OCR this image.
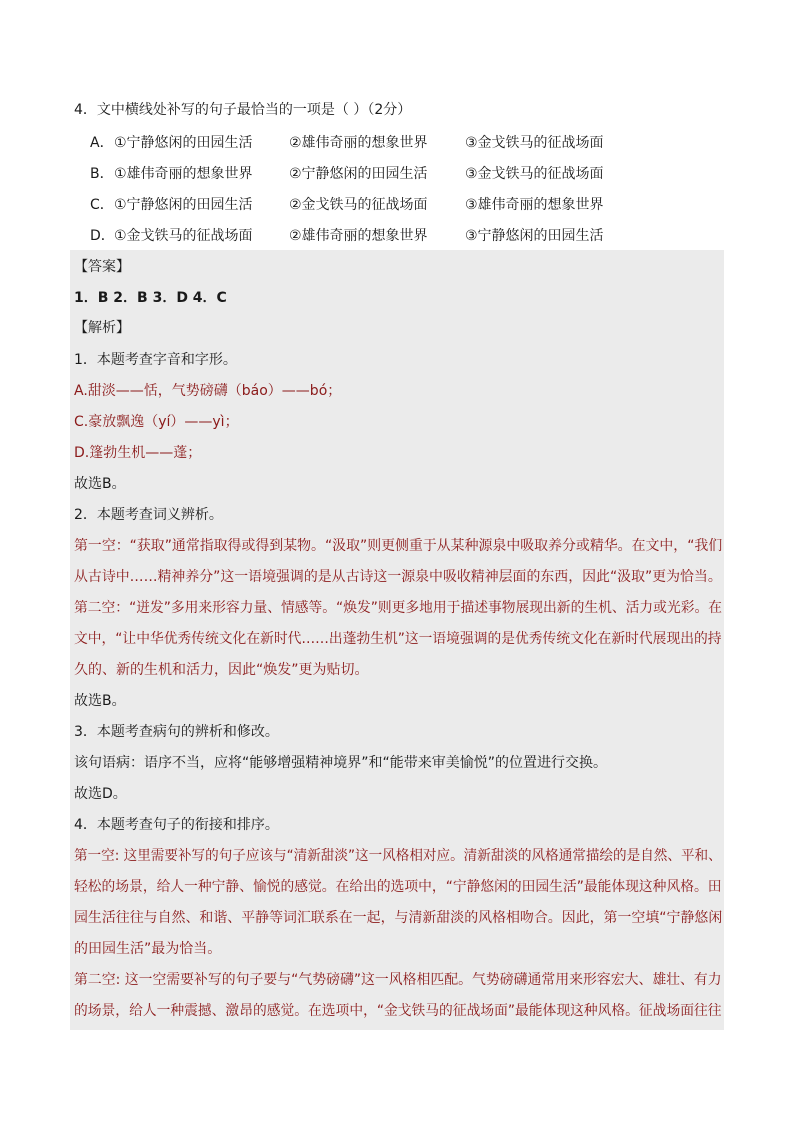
4．文中横线处补写的句子最恰当的一项是（ ）（2分）
A． ①宁静悠闲的田园生活	②雄伟奇丽的想象世界	③金戈铁马的征战场面
B． ①雄伟奇丽的想象世界	②宁静悠闲的田园生活	③金戈铁马的征战场面
C． ①宁静悠闲的田园生活	②金戈铁马的征战场面	③雄伟奇丽的想象世界
D． ①金戈铁马的征战场面	②雄伟奇丽的想象世界	③宁静悠闲的田园生活
【答案】
1．B 2．B 3．D 4．C
【解析】
1．本题考查字音和字形。
A.甜淡——恬，气势磅礴（báo）——bó；
C.豪放飘逸（yí）——yì；
D.篷勃生机——蓬；
故选B。
2．本题考查词义辨析。
第一空：“获取”通常指取得或得到某物。“汲取”则更侧重于从某种源泉中吸取养分或精华。在文中，“我们
从古诗中……精神养分”这一语境强调的是从古诗这一源泉中吸收精神层面的东西，因此“汲取”更为恰当。
第二空：“迸发”多用来形容力量、情感等。“焕发”则更多地用于描述事物展现出新的生机、活力或光彩。在
文中，“让中华优秀传统文化在新时代……出蓬勃生机”这一语境强调的是优秀传统文化在新时代展现出的持
久的、新的生机和活力，因此“焕发”更为贴切。
故选B。
3．本题考查病句的辨析和修改。
该句语病：语序不当，应将“能够增强精神境界”和“能带来审美愉悦”的位置进行交换。
故选D。
4．本题考查句子的衔接和排序。
第一空: 这里需要补写的句子应该与“清新甜淡”这一风格相对应。清新甜淡的风格通常描绘的是自然、平和、
轻松的场景，给人一种宁静、愉悦的感觉。在给出的选项中，“宁静悠闲的田园生活”最能体现这种风格。田
园生活往往与自然、和谐、平静等词汇联系在一起，与清新甜淡的风格相吻合。因此，第一空填“宁静悠闲
的田园生活”最为恰当。
第二空: 这一空需要补写的句子要与“气势磅礴”这一风格相匹配。气势磅礴通常用来形容宏大、雄壮、有力
的场景，给人一种震撼、激昂的感觉。在选项中，“金戈铁马的征战场面”最能体现这种风格。征战场面往往
